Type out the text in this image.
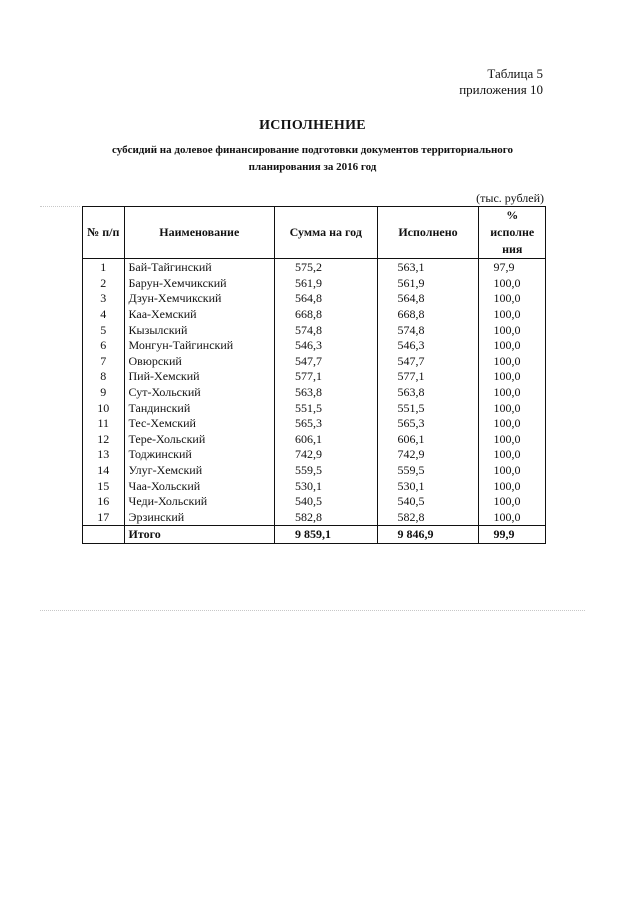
Таблица 5
приложения 10
ИСПОЛНЕНИЕ
субсидий на долевое финансирование подготовки документов территориального
планирования за 2016 год
(тыс. рублей)
№ п/п	Наименование	Сумма на год	Исполнено	%
исполне
ния

1	Бай-Тайгинский	575,2	563,1	97,9
2	Барун-Хемчикский	561,9	561,9	100,0
3	Дзун-Хемчикский	564,8	564,8	100,0
4	Каа-Хемский	668,8	668,8	100,0
5	Кызылский	574,8	574,8	100,0
6	Монгун-Тайгинский	546,3	546,3	100,0
7	Овюрский	547,7	547,7	100,0
8	Пий-Хемский	577,1	577,1	100,0
9	Сут-Хольский	563,8	563,8	100,0
10	Тандинский	551,5	551,5	100,0
11	Тес-Хемский	565,3	565,3	100,0
12	Тере-Хольский	606,1	606,1	100,0
13	Тоджинский	742,9	742,9	100,0
14	Улуг-Хемский	559,5	559,5	100,0
15	Чаа-Хольский	530,1	530,1	100,0
16	Чеди-Хольский	540,5	540,5	100,0
17	Эрзинский	582,8	582,8	100,0
	Итого	9 859,1	9 846,9	99,9
